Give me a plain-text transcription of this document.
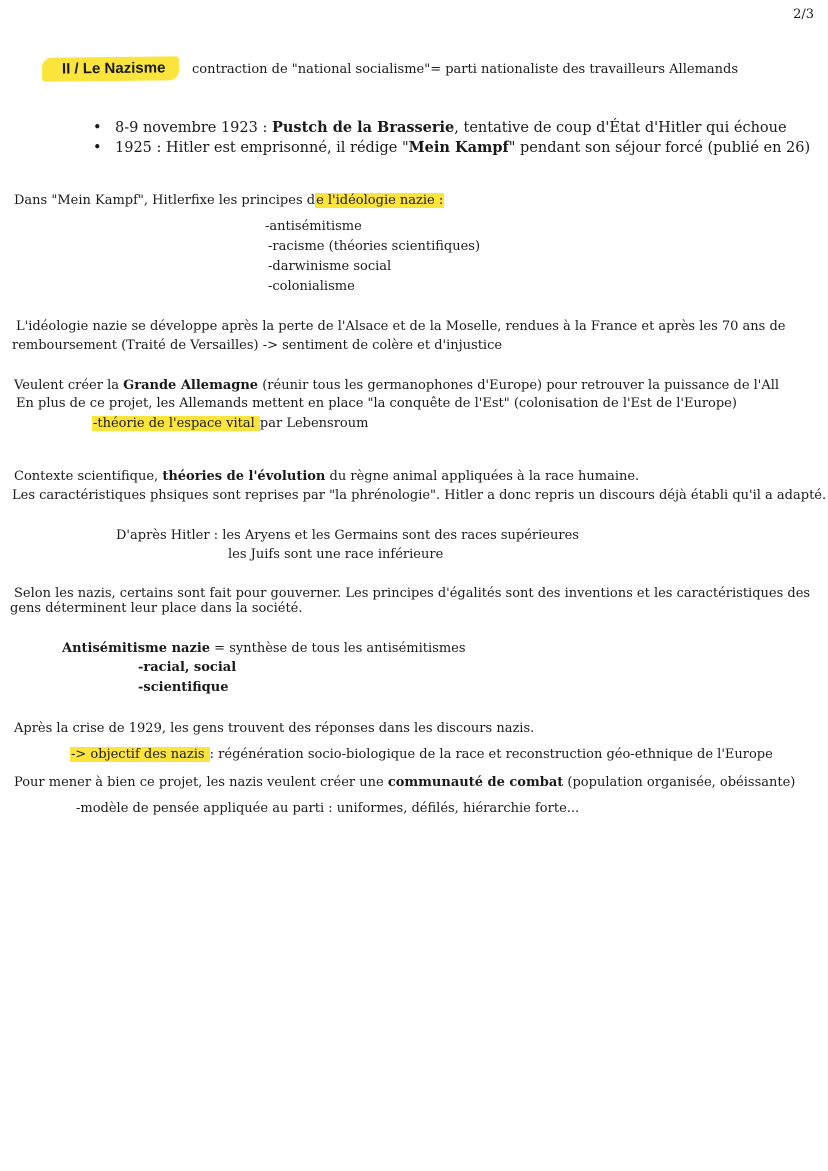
2/3
II / Le Nazisme contraction de "national socialisme"= parti nationaliste des travailleurs Allemands
• 8-9 novembre 1923 : Pustch de la Brasserie, tentative de coup d'État d'Hitler qui échoue
• 1925 : Hitler est emprisonné, il rédige "Mein Kampf" pendant son séjour forcé (publié en 26)
Dans "Mein Kampf", Hitlerfixe les principes de l'idéologie nazie :
-antisémitisme
-racisme (théories scientifiques)
-darwinisme social
-colonialisme
L'idéologie nazie se développe après la perte de l'Alsace et de la Moselle, rendues à la France et après les 70 ans de
remboursement (Traité de Versailles) -> sentiment de colère et d'injustice
Veulent créer la Grande Allemagne (réunir tous les germanophones d'Europe) pour retrouver la puissance de l'All
En plus de ce projet, les Allemands mettent en place "la conquête de l'Est" (colonisation de l'Est de l'Europe)
-théorie de l'espace vital par Lebensroum
Contexte scientifique, théories de l'évolution du règne animal appliquées à la race humaine.
Les caractéristiques phsiques sont reprises par "la phrénologie". Hitler a donc repris un discours déjà établi qu'il a adapté.
D'après Hitler : les Aryens et les Germains sont des races supérieures
les Juifs sont une race inférieure
Selon les nazis, certains sont fait pour gouverner. Les principes d'égalités sont des inventions et les caractéristiques des
gens déterminent leur place dans la société.
Antisémitisme nazie = synthèse de tous les antisémitismes
-racial, social
-scientifique
Après la crise de 1929, les gens trouvent des réponses dans les discours nazis.
-> objectif des nazis : régénération socio-biologique de la race et reconstruction géo-ethnique de l'Europe
Pour mener à bien ce projet, les nazis veulent créer une communauté de combat (population organisée, obéissante)
-modèle de pensée appliquée au parti : uniformes, défilés, hiérarchie forte...
